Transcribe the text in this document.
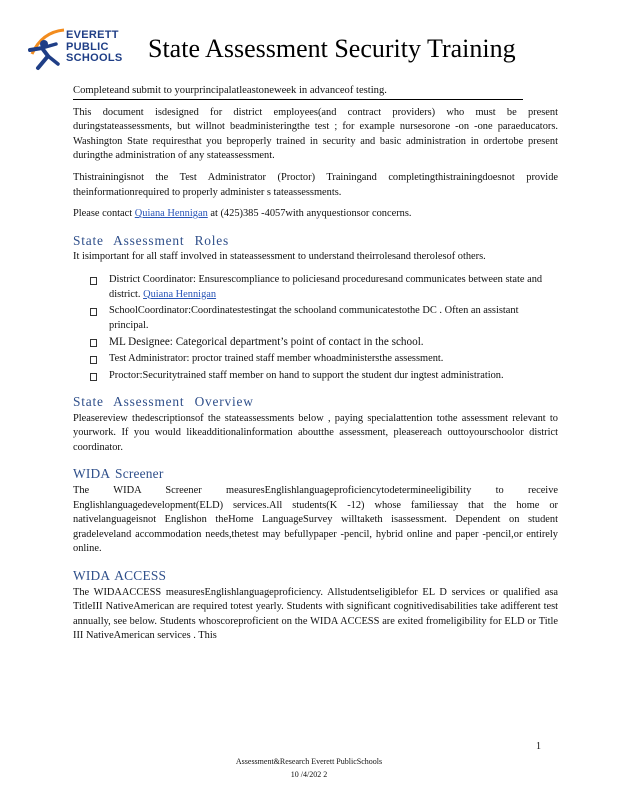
EVERETT
PUBLIC
SCHOOLS State Assessment Security Training
Completeand submit to yourprincipalatleastoneweek in advanceof testing.

This document isdesigned for district employees(and contract providers) who must be present duringstateassessments, but willnot beadministeringthe test ; for example nursesorone -on -one paraeducators. Washington State requiresthat you beproperly trained in security and basic administration in ordertobe present duringthe administration of any stateassessment.

Thistrainingisnot the Test Administrator (Proctor) Trainingand completingthistrainingdoesnot provide theinformationrequired to properly administer s tateassessments.

Please contact Quiana Hennigan at (425)385 -4057with anyquestionsor concerns.

State Assessment Roles

It isimportant for all staff involved in stateassessment to understand theirrolesand therolesof others.

District Coordinator: Ensurescompliance to policiesand proceduresand communicates between state and district. Quiana Hennigan
SchoolCoordinator:Coordinatestestingat the schooland communicatestothe DC . Often an assistant principal.
ML Designee: Categorical department’s point of contact in the school.
Test Administrator: proctor trained staff member whoadministersthe assessment.
Proctor:Securitytrained staff member on hand to support the student dur ingtest administration.
State Assessment Overview

Pleasereview thedescriptionsof the stateassessments below , paying specialattention tothe assessment relevant to yourwork. If you would likeadditionalinformation aboutthe assessment, pleasereach outtoyourschoolor district coordinator.

WIDA Screener

The WIDA Screener measuresEnglishlanguageproficiencytodetermineeligibility to receive Englishlanguagedevelopment(ELD) services.All students(K -12) whose familiessay that the home or nativelanguageisnot Englishon theHome LanguageSurvey willtaketh isassessment. Dependent on student gradeleveland accommodation needs,thetest may befullypaper -pencil, hybrid online and paper -pencil,or entirely online.

WIDA ACCESS

The WIDAACCESS measuresEnglishlanguageproficiency. Allstudentseligiblefor EL D services or qualified asa TitleIII NativeAmerican are required totest yearly. Students with significant cognitivedisabilities take adifferent test annually, see below. Students whoscoreproficient on the WIDA ACCESS are exited fromeligibility for ELD or Title III NativeAmerican services . This

1
Assessment&Research Everett PublicSchools
10 /4/202 2
